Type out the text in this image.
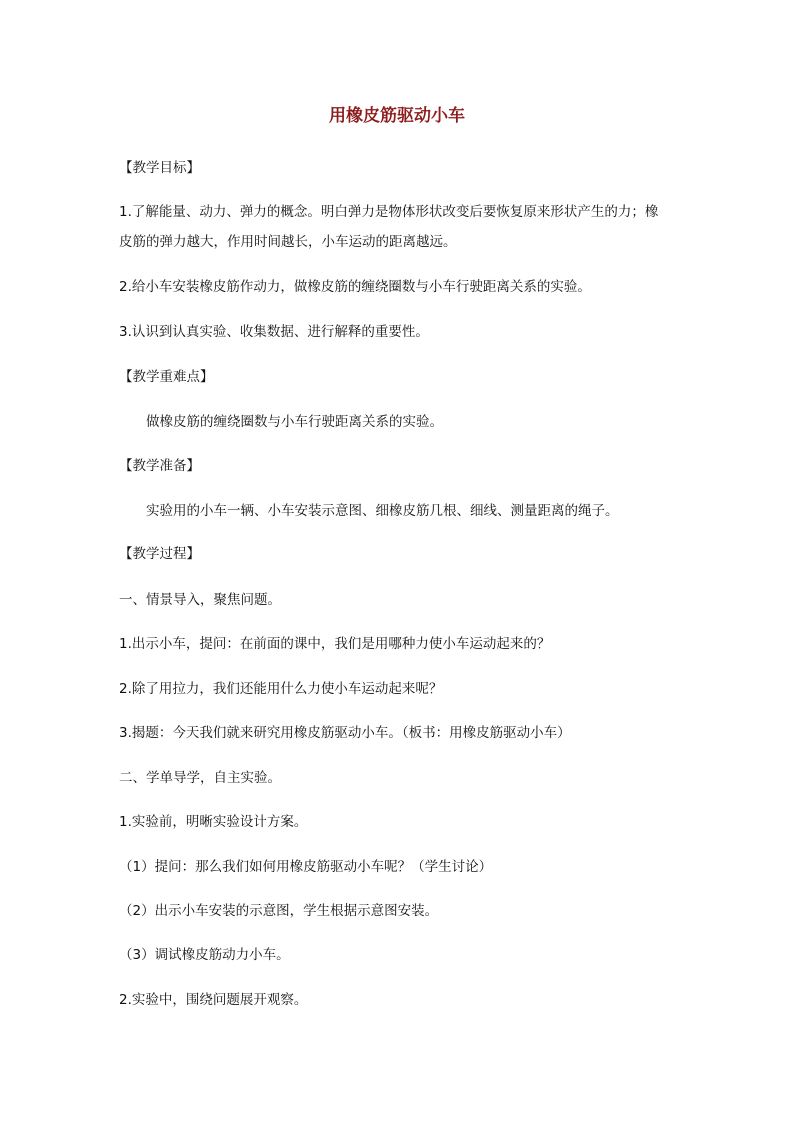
用橡皮筋驱动小车
【教学目标】
1.了解能量、动力、弹力的概念。明白弹力是物体形状改变后要恢复原来形状产生的力；橡
皮筋的弹力越大，作用时间越长，小车运动的距离越远。
2.给小车安装橡皮筋作动力，做橡皮筋的缠绕圈数与小车行驶距离关系的实验。
3.认识到认真实验、收集数据、进行解释的重要性。
【教学重难点】
做橡皮筋的缠绕圈数与小车行驶距离关系的实验。
【教学准备】
实验用的小车一辆、小车安装示意图、细橡皮筋几根、细线、测量距离的绳子。
【教学过程】
一、情景导入，聚焦问题。
1.出示小车，提问：在前面的课中，我们是用哪种力使小车运动起来的？
2.除了用拉力，我们还能用什么力使小车运动起来呢？
3.揭题：今天我们就来研究用橡皮筋驱动小车。（板书：用橡皮筋驱动小车）
二、学单导学，自主实验。
1.实验前，明晰实验设计方案。
（1）提问：那么我们如何用橡皮筋驱动小车呢？（学生讨论）
（2）出示小车安装的示意图，学生根据示意图安装。
（3）调试橡皮筋动力小车。
2.实验中，围绕问题展开观察。
